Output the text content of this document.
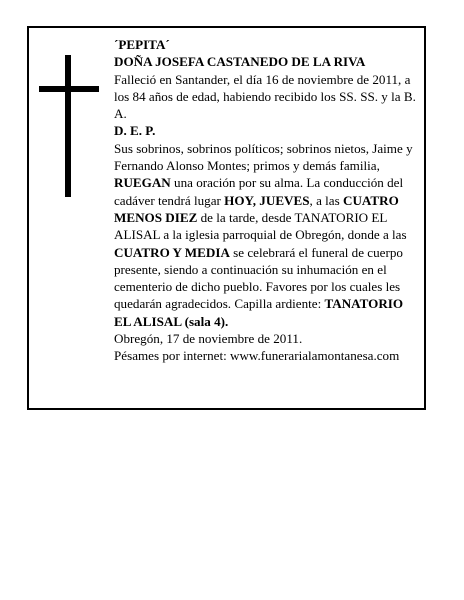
´PEPITA´

DOÑA JOSEFA CASTANEDO DE LA RIVA

Falleció en Santander, el día 16 de noviembre de 2011, a los 84 años de edad, habiendo recibido los SS. SS. y la B. A.

D. E. P.

Sus sobrinos, sobrinos políticos; sobrinos nietos, Jaime y Fernando Alonso Montes; primos y demás familia, RUEGAN una oración por su alma. La conducción del cadáver tendrá lugar HOY, JUEVES, a las CUATRO MENOS DIEZ de la tarde, desde TANATORIO EL ALISAL a la iglesia parroquial de Obregón, donde a las CUATRO Y MEDIA se celebrará el funeral de cuerpo presente, siendo a continuación su inhumación en el cementerio de dicho pueblo. Favores por los cuales les quedarán agradecidos. Capilla ardiente: TANATORIO EL ALISAL (sala 4).

Obregón, 17 de noviembre de 2011.

Pésames por internet: www.funerarialamontanesa.com
